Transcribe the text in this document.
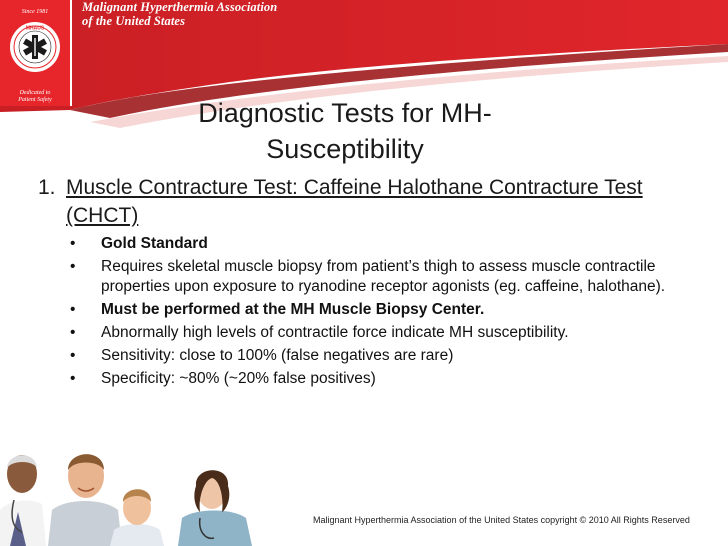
Malignant Hyperthermia Association
of the United States
Since 1981
MHAUS
Dedicated to
Patient Safety	Diagnostic Tests for MH-
Susceptibility
1. Muscle Contracture Test: Caffeine Halothane Contracture Test (CHCT)
• Gold Standard
• Requires skeletal muscle biopsy from patient’s thigh to assess muscle contractile properties upon exposure to ryanodine receptor agonists (eg. caffeine, halothane).
• Must be performed at the MH Muscle Biopsy Center.
• Abnormally high levels of contractile force indicate MH susceptibility.
• Sensitivity: close to 100% (false negatives are rare)
• Specificity: ~80% (~20% false positives)
Malignant Hyperthermia Association of the United States copyright © 2010 All Rights Reserved
